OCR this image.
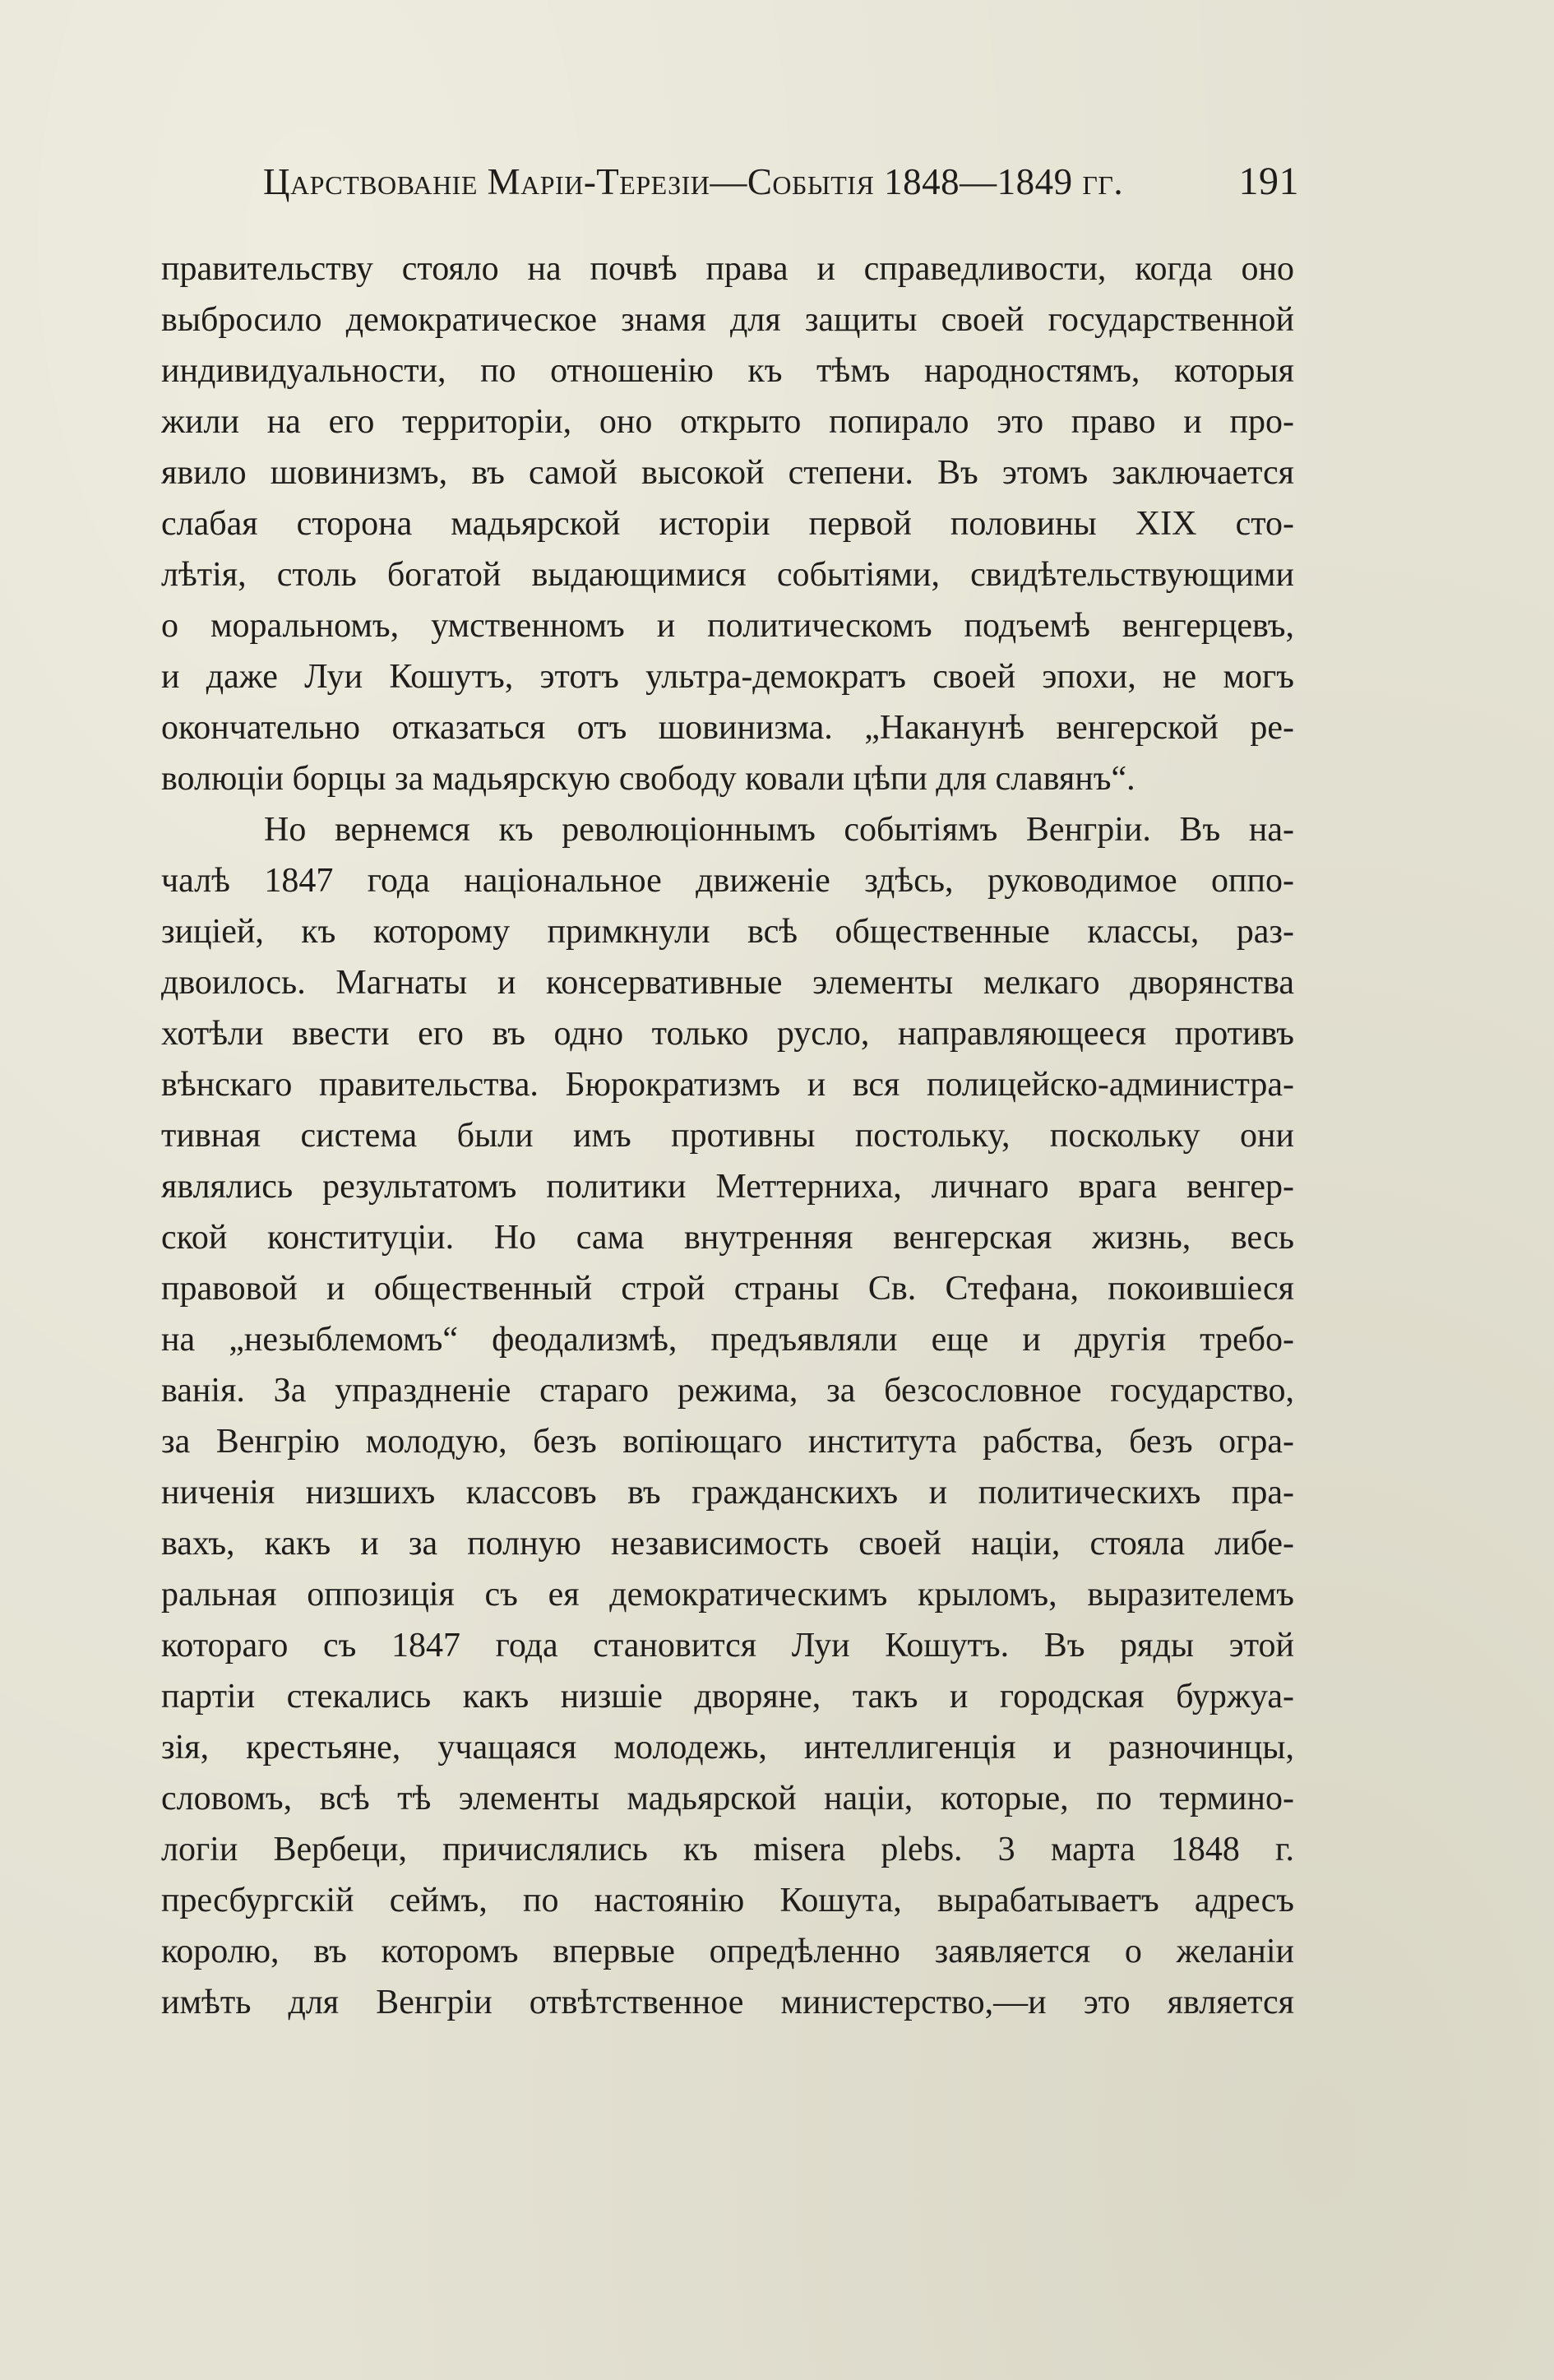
Царствованіе Маріи-Терезіи—Событія 1848—1849 гг.	191
правительству стояло на почвѣ права и справедливости, когда оно
выбросило демократическое знамя для защиты своей государственной
индивидуальности, по отношенію къ тѣмъ народностямъ, которыя
жили на его территоріи, оно открыто попирало это право и про-
явило шовинизмъ, въ самой высокой степени. Въ этомъ заключается
слабая сторона мадьярской исторіи первой половины XIX сто-
лѣтія, столь богатой выдающимися событіями, свидѣтельствующими
о моральномъ, умственномъ и политическомъ подъемѣ венгерцевъ,
и даже Луи Кошутъ, этотъ ультра-демократъ своей эпохи, не могъ
окончательно отказаться отъ шовинизма. „Наканунѣ венгерской ре-
волюціи борцы за мадьярскую свободу ковали цѣпи для славянъ“.
Но вернемся къ революціоннымъ событіямъ Венгріи. Въ на-
чалѣ 1847 года національное движеніе здѣсь, руководимое оппо-
зиціей, къ которому примкнули всѣ общественные классы, раз-
двоилось. Магнаты и консервативные элементы мелкаго дворянства
хотѣли ввести его въ одно только русло, направляющееся противъ
вѣнскаго правительства. Бюрократизмъ и вся полицейско-администра-
тивная система были имъ противны постольку, поскольку они
являлись результатомъ политики Меттерниха, личнаго врага венгер-
ской конституціи. Но сама внутренняя венгерская жизнь, весь
правовой и общественный строй страны Св. Стефана, покоившіеся
на „незыблемомъ“ феодализмѣ, предъявляли еще и другія требо-
ванія. За упраздненіе стараго режима, за безсословное государство,
за Венгрію молодую, безъ вопіющаго института рабства, безъ огра-
ниченія низшихъ классовъ въ гражданскихъ и политическихъ пра-
вахъ, какъ и за полную независимость своей націи, стояла либе-
ральная оппозиція съ ея демократическимъ крыломъ, выразителемъ
котораго съ 1847 года становится Луи Кошутъ. Въ ряды этой
партіи стекались какъ низшіе дворяне, такъ и городская буржуа-
зія, крестьяне, учащаяся молодежь, интеллигенція и разночинцы,
словомъ, всѣ тѣ элементы мадьярской націи, которые, по термино-
логіи Вербеци, причислялись къ misera plebs. 3 марта 1848 г.
пресбургскій сеймъ, по настоянію Кошута, вырабатываетъ адресъ
королю, въ которомъ впервые опредѣленно заявляется о желаніи
имѣть для Венгріи отвѣтственное министерство,—и это является
